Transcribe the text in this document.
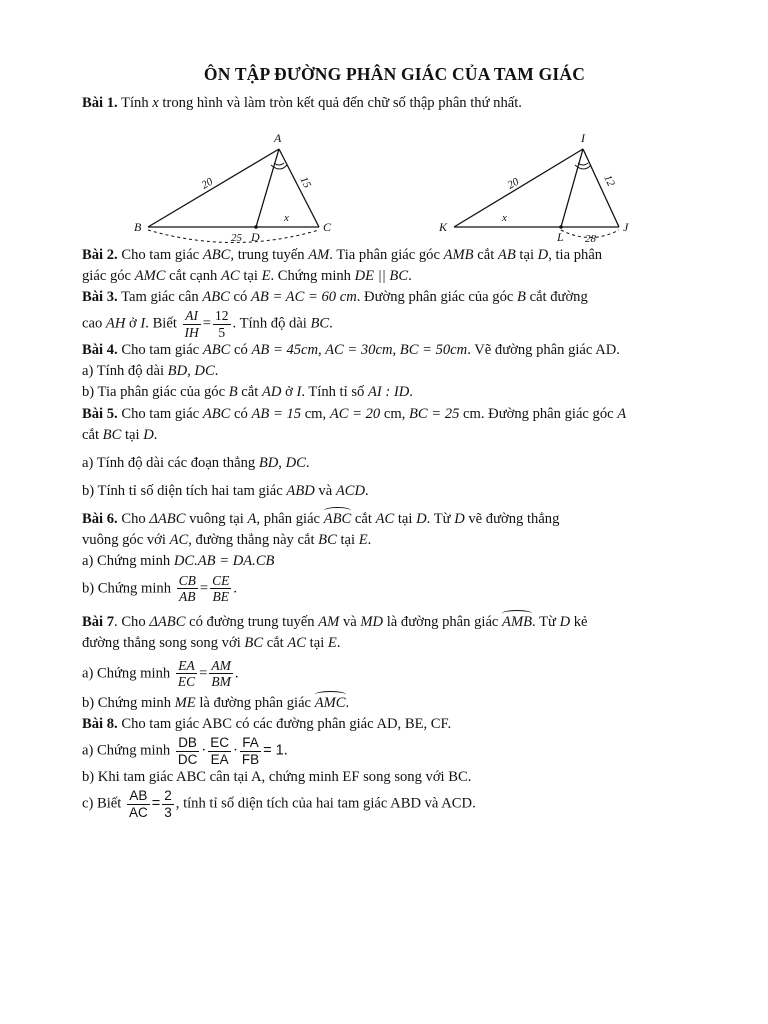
ÔN TẬP ĐƯỜNG PHÂN GIÁC CỦA TAM GIÁC

Bài 1. Tính x trong hình và làm tròn kết quả đến chữ số thập phân thứ nhất.

A
B	C
D
20	15
25
x
I
K	J
L
20	12
28
x

Bài 2. Cho tam giác ABC, trung tuyến AM. Tia phân giác góc AMB cắt AB tại D, tia phân
giác góc AMC cắt cạnh AC tại E. Chứng minh DE || BC.

Bài 3. Tam giác cân ABC có AB = AC = 60 cm. Đường phân giác của góc B cắt đường
cao AH ở I. Biết $\frac{AI}{IH} = \frac{12}{5}$ . Tính độ dài BC.

Bài 4. Cho tam giác ABC có AB = 45cm, AC = 30cm, BC = 50cm. Vẽ đường phân giác AD.
a) Tính độ dài BD, DC.
b) Tia phân giác của góc B cắt AD ở I. Tính tỉ số AI : ID.

Bài 5. Cho tam giác ABC có AB = 15 cm, AC = 20 cm, BC = 25 cm. Đường phân giác góc A
cắt BC tại D.

a) Tính độ dài các đoạn thẳng BD, DC.

b) Tính tỉ số diện tích hai tam giác ABD và ACD.

Bài 6. Cho ΔABC vuông tại A, phân giác ABC cắt AC tại D. Từ D vẽ đường thẳng
vuông góc với AC, đường thẳng này cắt BC tại E.
a) Chứng minh DC.AB = DA.CB
b) Chứng minh $\frac{CB}{AB} = \frac{CE}{BE}$ .

Bài 7. Cho ΔABC có đường trung tuyến AM và MD là đường phân giác AMB. Từ D kẻ
đường thẳng song song với BC cắt AC tại E.

a) Chứng minh $\frac{EA}{EC} = \frac{AM}{BM}$ .

b) Chứng minh ME là đường phân giác AMC.

Bài 8. Cho tam giác ABC có các đường phân giác AD, BE, CF.

a) Chứng minh $\frac{DB}{DC} \cdot \frac{EC}{EA} \cdot \frac{FA}{FB} = 1$.

b) Khi tam giác ABC cân tại A, chứng minh EF song song với BC.

c) Biết $\frac{AB}{AC} = \frac{2}{3}$ , tính tỉ số diện tích của hai tam giác ABD và ACD.
